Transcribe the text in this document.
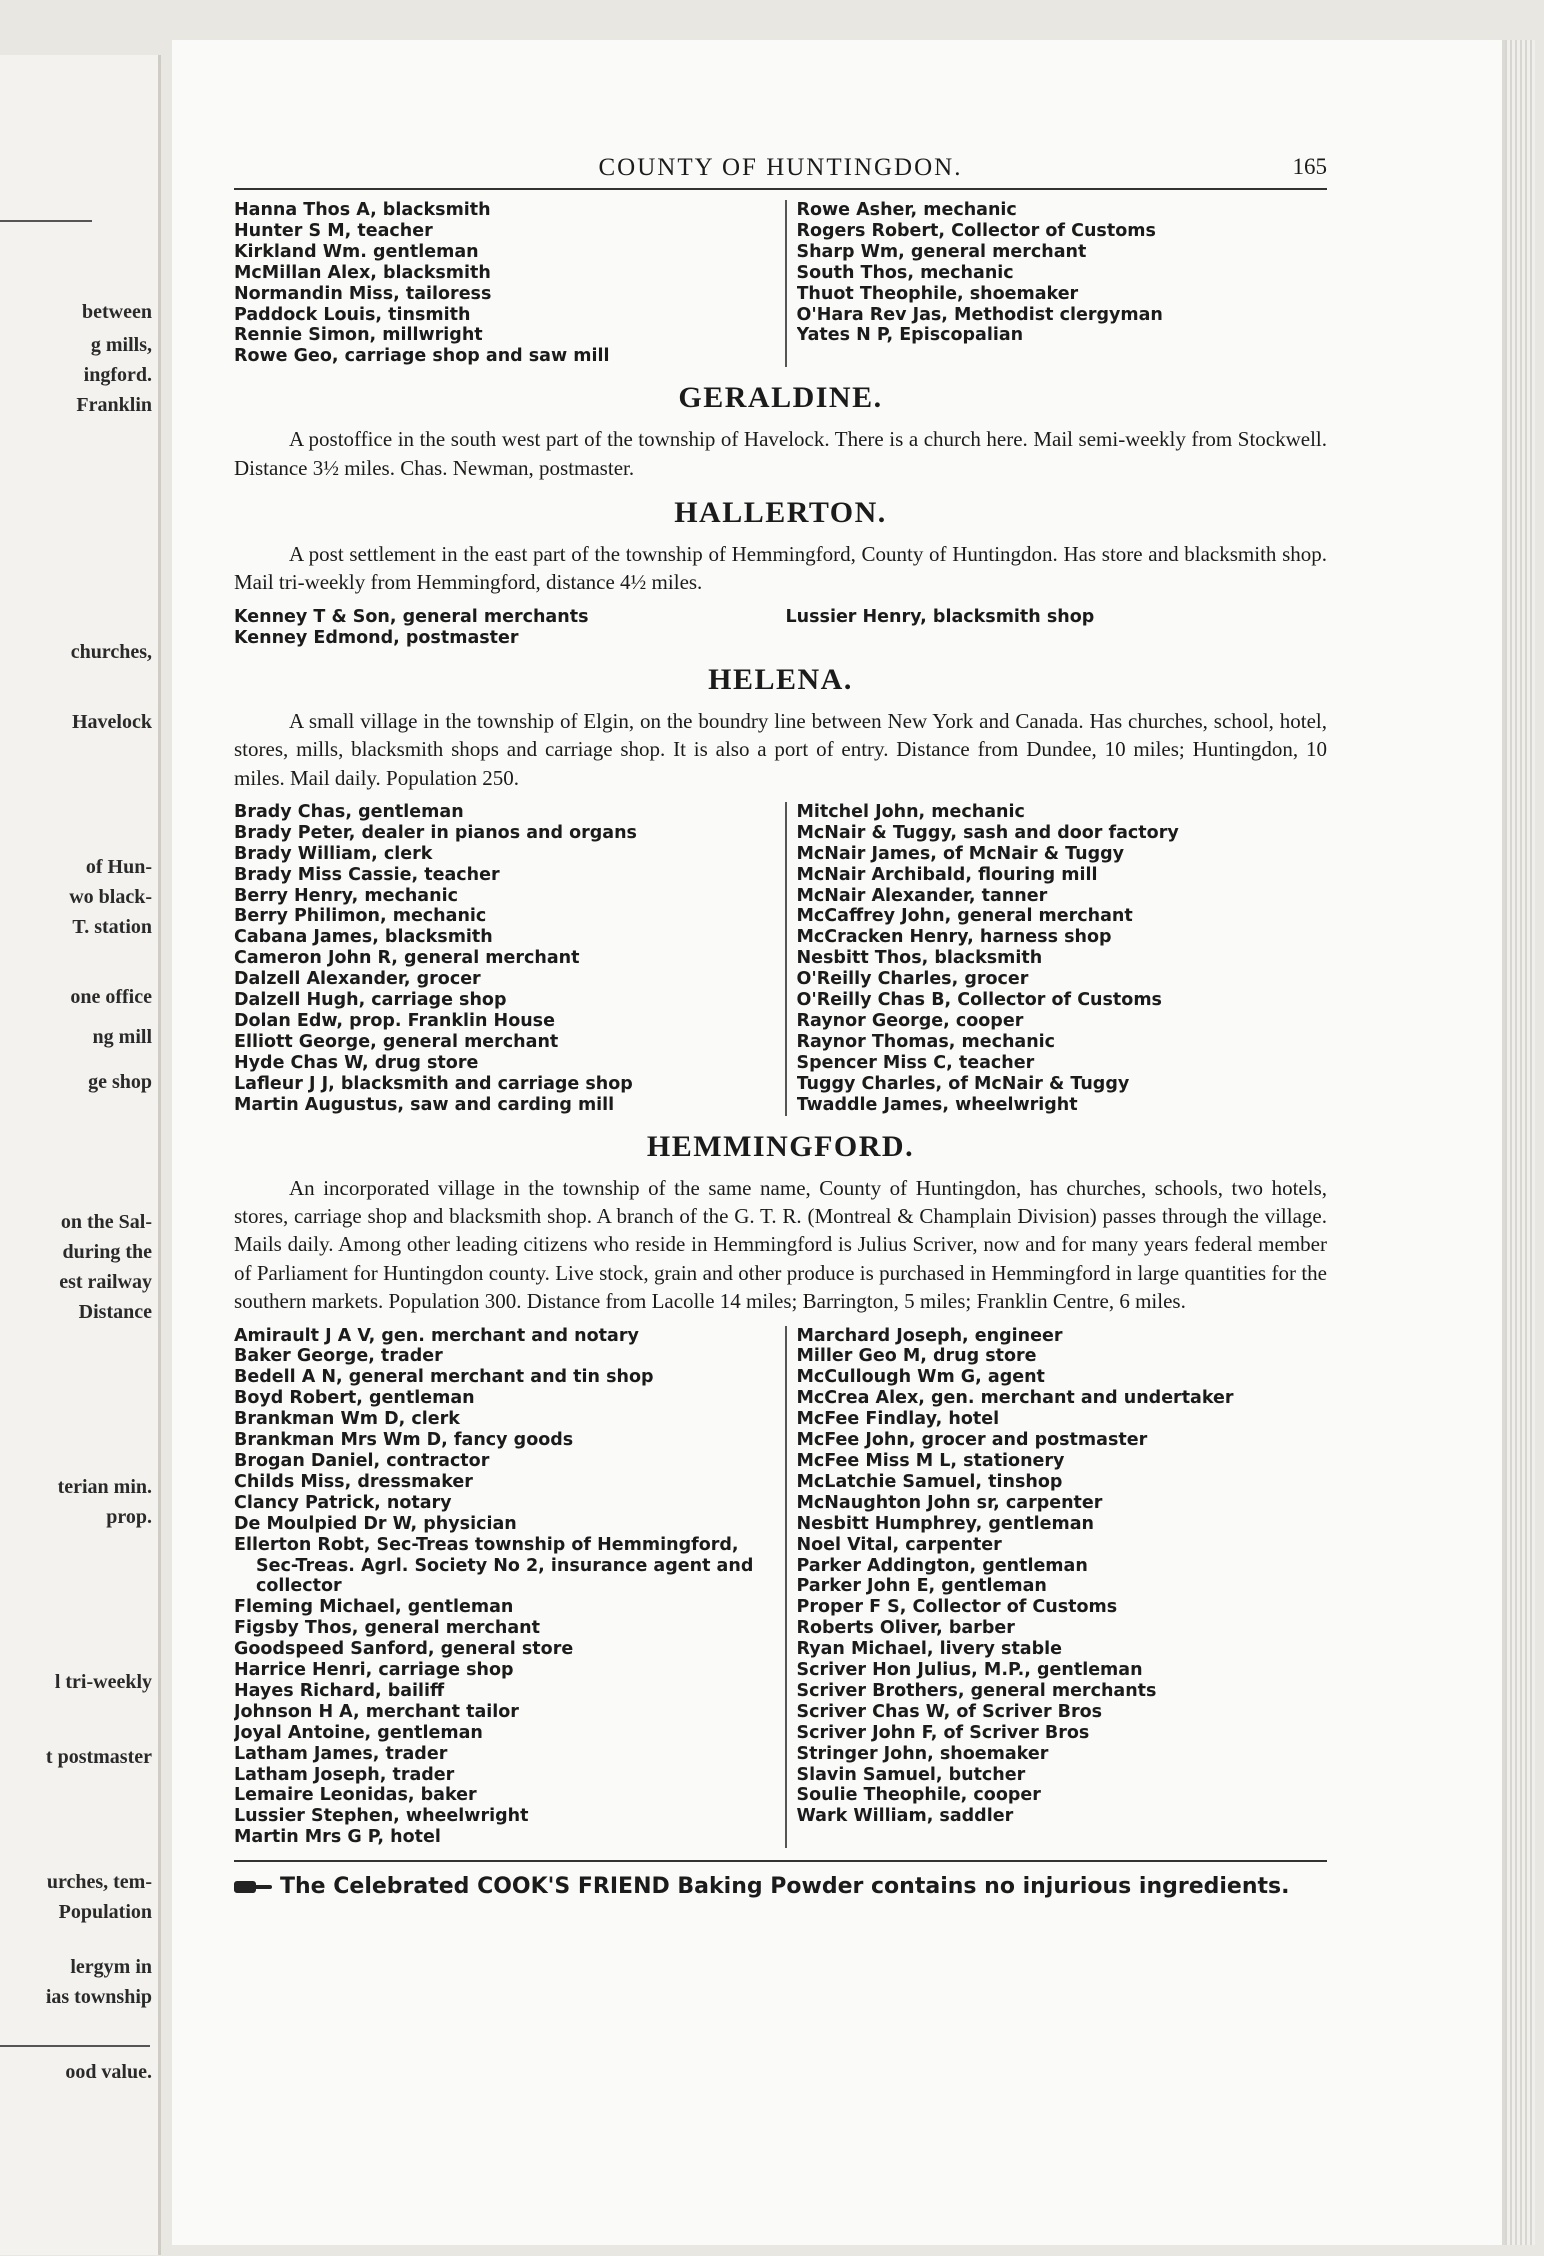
between
g mills,
ingford.
Franklin
churches,
Havelock
of Hun-
wo black-
T. station
one office
ng mill
ge shop
on the Sal-
during the
est railway
Distance
terian min.
prop.
l tri-weekly
t postmaster
urches, tem-
Population
lergym in
ias township
ood value.
COUNTY OF HUNTINGDON.	165
Hanna Thos A, blacksmith
Hunter S M, teacher
Kirkland Wm. gentleman
McMillan Alex, blacksmith
Normandin Miss, tailoress
Paddock Louis, tinsmith
Rennie Simon, millwright
Rowe Geo, carriage shop and saw mill
Rowe Asher, mechanic
Rogers Robert, Collector of Customs
Sharp Wm, general merchant
South Thos, mechanic
Thuot Theophile, shoemaker
O'Hara Rev Jas, Methodist clergyman
Yates N P, Episcopalian
GERALDINE.

A postoffice in the south west part of the township of Havelock. There is a church here. Mail semi-weekly from Stockwell. Distance 3½ miles. Chas. Newman, postmaster.

HALLERTON.

A post settlement in the east part of the township of Hemmingford, County of Huntingdon. Has store and blacksmith shop. Mail tri-weekly from Hemmingford, distance 4½ miles.

Kenney T & Son, general merchants
Kenney Edmond, postmaster
Lussier Henry, blacksmith shop
HELENA.

A small village in the township of Elgin, on the boundry line between New York and Canada. Has churches, school, hotel, stores, mills, blacksmith shops and carriage shop. It is also a port of entry. Distance from Dundee, 10 miles; Huntingdon, 10 miles. Mail daily. Population 250.

Brady Chas, gentleman
Brady Peter, dealer in pianos and organs
Brady William, clerk
Brady Miss Cassie, teacher
Berry Henry, mechanic
Berry Philimon, mechanic
Cabana James, blacksmith
Cameron John R, general merchant
Dalzell Alexander, grocer
Dalzell Hugh, carriage shop
Dolan Edw, prop. Franklin House
Elliott George, general merchant
Hyde Chas W, drug store
Lafleur J J, blacksmith and carriage shop
Martin Augustus, saw and carding mill
Mitchel John, mechanic
McNair & Tuggy, sash and door factory
McNair James, of McNair & Tuggy
McNair Archibald, flouring mill
McNair Alexander, tanner
McCaffrey John, general merchant
McCracken Henry, harness shop
Nesbitt Thos, blacksmith
O'Reilly Charles, grocer
O'Reilly Chas B, Collector of Customs
Raynor George, cooper
Raynor Thomas, mechanic
Spencer Miss C, teacher
Tuggy Charles, of McNair & Tuggy
Twaddle James, wheelwright
HEMMINGFORD.

An incorporated village in the township of the same name, County of Huntingdon, has churches, schools, two hotels, stores, carriage shop and blacksmith shop. A branch of the G. T. R. (Montreal & Champlain Division) passes through the village. Mails daily. Among other leading citizens who reside in Hemmingford is Julius Scriver, now and for many years federal member of Parliament for Huntingdon county. Live stock, grain and other produce is purchased in Hemmingford in large quantities for the southern markets. Population 300. Distance from Lacolle 14 miles; Barrington, 5 miles; Franklin Centre, 6 miles.

Amirault J A V, gen. merchant and notary
Baker George, trader
Bedell A N, general merchant and tin shop
Boyd Robert, gentleman
Brankman Wm D, clerk
Brankman Mrs Wm D, fancy goods
Brogan Daniel, contractor
Childs Miss, dressmaker
Clancy Patrick, notary
De Moulpied Dr W, physician
Ellerton Robt, Sec-Treas township of Hemmingford, Sec-Treas. Agrl. Society No 2, insurance agent and collector
Fleming Michael, gentleman
Figsby Thos, general merchant
Goodspeed Sanford, general store
Harrice Henri, carriage shop
Hayes Richard, bailiff
Johnson H A, merchant tailor
Joyal Antoine, gentleman
Latham James, trader
Latham Joseph, trader
Lemaire Leonidas, baker
Lussier Stephen, wheelwright
Martin Mrs G P, hotel
Marchard Joseph, engineer
Miller Geo M, drug store
McCullough Wm G, agent
McCrea Alex, gen. merchant and undertaker
McFee Findlay, hotel
McFee John, grocer and postmaster
McFee Miss M L, stationery
McLatchie Samuel, tinshop
McNaughton John sr, carpenter
Nesbitt Humphrey, gentleman
Noel Vital, carpenter
Parker Addington, gentleman
Parker John E, gentleman
Proper F S, Collector of Customs
Roberts Oliver, barber
Ryan Michael, livery stable
Scriver Hon Julius, M.P., gentleman
Scriver Brothers, general merchants
Scriver Chas W, of Scriver Bros
Scriver John F, of Scriver Bros
Stringer John, shoemaker
Slavin Samuel, butcher
Soulie Theophile, cooper
Wark William, saddler
The Celebrated COOK'S FRIEND Baking Powder contains no injurious ingredients.
